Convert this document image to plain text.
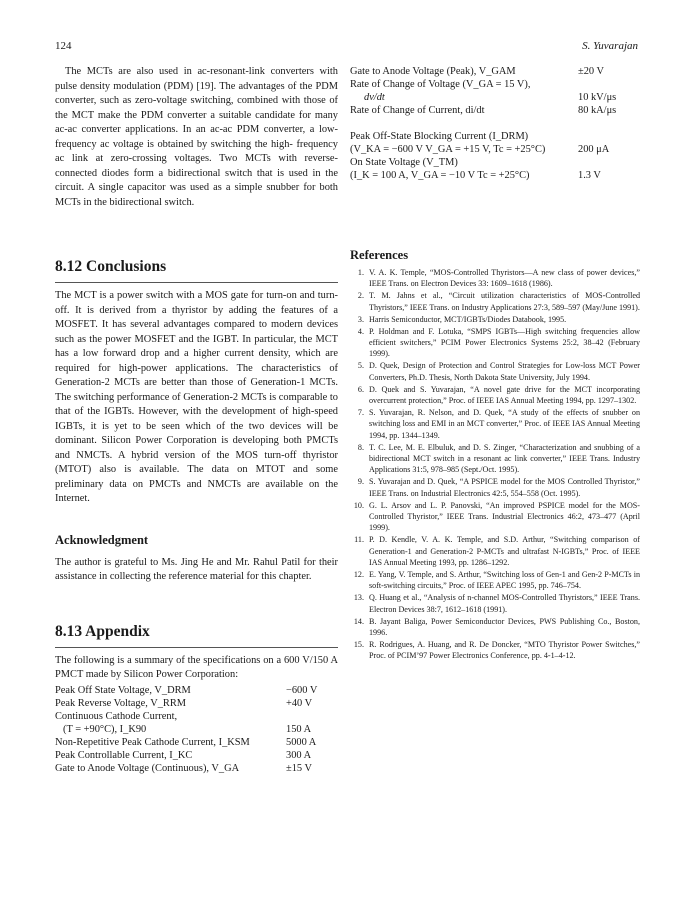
124	S. Yuvarajan

The MCTs are also used in ac-resonant-link converters with pulse density modulation (PDM) [19]. The advantages of the PDM converter, such as zero-voltage switching, combined with those of the MCT make the PDM converter a suitable candidate for many ac-ac converter applications. In an ac-ac PDM converter, a low-frequency ac voltage is obtained by switching the high- frequency ac link at zero-crossing voltages. Two MCTs with reverse-connected diodes form a bidirectional switch that is used in the circuit. A single capacitor was used as a simple snubber for both MCTs in the bidirectional switch.

8.12 Conclusions

The MCT is a power switch with a MOS gate for turn-on and turn-off. It is derived from a thyristor by adding the features of a MOSFET. It has several advantages compared to modern devices such as the power MOSFET and the IGBT. In particular, the MCT has a low forward drop and a higher current density, which are required for high-power applications. The characteristics of Generation-2 MCTs are better than those of Generation-1 MCTs. The switching performance of Generation-2 MCTs is comparable to that of the IGBTs. However, with the development of high-speed IGBTs, it is yet to be seen which of the two devices will be dominant. Silicon Power Corporation is developing both PMCTs and NMCTs. A hybrid version of the MOS turn-off thyristor (MTOT) also is available. The data on MTOT and some preliminary data on PMCTs and NMCTs are available on the Internet.

Acknowledgment

The author is grateful to Ms. Jing He and Mr. Rahul Patil for their assistance in collecting the reference material for this chapter.

8.13 Appendix

The following is a summary of the specifications on a 600 V/150 A PMCT made by Silicon Power Corporation:

Peak Off State Voltage, V_DRM	−600 V
Peak Reverse Voltage, V_RRM	+40 V
Continuous Cathode Current,
(T = +90°C), I_K90	150 A
Non-Repetitive Peak Cathode Current, I_KSM	5000 A
Peak Controllable Current, I_KC	300 A
Gate to Anode Voltage (Continuous), V_GA	±15 V
Gate to Anode Voltage (Peak), V_GAM	±20 V
Rate of Change of Voltage (V_GA = 15 V),
dv/dt	10 kV/μs
Rate of Change of Current, di/dt	80 kA/μs
Peak Off-State Blocking Current (I_DRM)
(V_KA = −600 V V_GA = +15 V, Tc = +25°C)	200 μA
On State Voltage (V_TM)
(I_K = 100 A, V_GA = −10 V Tc = +25°C)	1.3 V
References
1. V. A. K. Temple, “MOS-Controlled Thyristors—A new class of power devices,” IEEE Trans. on Electron Devices 33: 1609–1618 (1986).
2. T. M. Jahns et al., “Circuit utilization characteristics of MOS-Controlled Thyristors,” IEEE Trans. on Industry Applications 27:3, 589–597 (May/June 1991).
3. Harris Semiconductor, MCT/IGBTs/Diodes Databook, 1995.
4. P. Holdman and F. Lotuka, “SMPS IGBTs—High switching frequencies allow efficient switchers,” PCIM Power Electronics Systems 25:2, 38–42 (February 1999).
5. D. Quek, Design of Protection and Control Strategies for Low-loss MCT Power Converters, Ph.D. Thesis, North Dakota State University, July 1994.
6. D. Quek and S. Yuvarajan, “A novel gate drive for the MCT incorporating overcurrent protection,” Proc. of IEEE IAS Annual Meeting 1994, pp. 1297–1302.
7. S. Yuvarajan, R. Nelson, and D. Quek, “A study of the effects of snubber on switching loss and EMI in an MCT converter,” Proc. of IEEE IAS Annual Meeting 1994, pp. 1344–1349.
8. T. C. Lee, M. E. Elbuluk, and D. S. Zinger, “Characterization and snubbing of a bidirectional MCT switch in a resonant ac link converter,” IEEE Trans. Industry Applications 31:5, 978–985 (Sept./Oct. 1995).
9. S. Yuvarajan and D. Quek, “A PSPICE model for the MOS Controlled Thyristor,” IEEE Trans. on Industrial Electronics 42:5, 554–558 (Oct. 1995).
10. G. L. Arsov and L. P. Panovski, “An improved PSPICE model for the MOS-Controlled Thyristor,” IEEE Trans. Industrial Electronics 46:2, 473–477 (April 1999).
11. P. D. Kendle, V. A. K. Temple, and S.D. Arthur, “Switching comparison of Generation-1 and Generation-2 P-MCTs and ultrafast N-IGBTs,” Proc. of IEEE IAS Annual Meeting 1993, pp. 1286–1292.
12. E. Yang, V. Temple, and S. Arthur, “Switching loss of Gen-1 and Gen-2 P-MCTs in soft-switching circuits,” Proc. of IEEE APEC 1995, pp. 746–754.
13. Q. Huang et al., “Analysis of n-channel MOS-Controlled Thyristors,” IEEE Trans. Electron Devices 38:7, 1612–1618 (1991).
14. B. Jayant Baliga, Power Semiconductor Devices, PWS Publishing Co., Boston, 1996.
15. R. Rodrigues, A. Huang, and R. De Doncker, “MTO Thyristor Power Switches,” Proc. of PCIM’97 Power Electronics Conference, pp. 4-1–4-12.
